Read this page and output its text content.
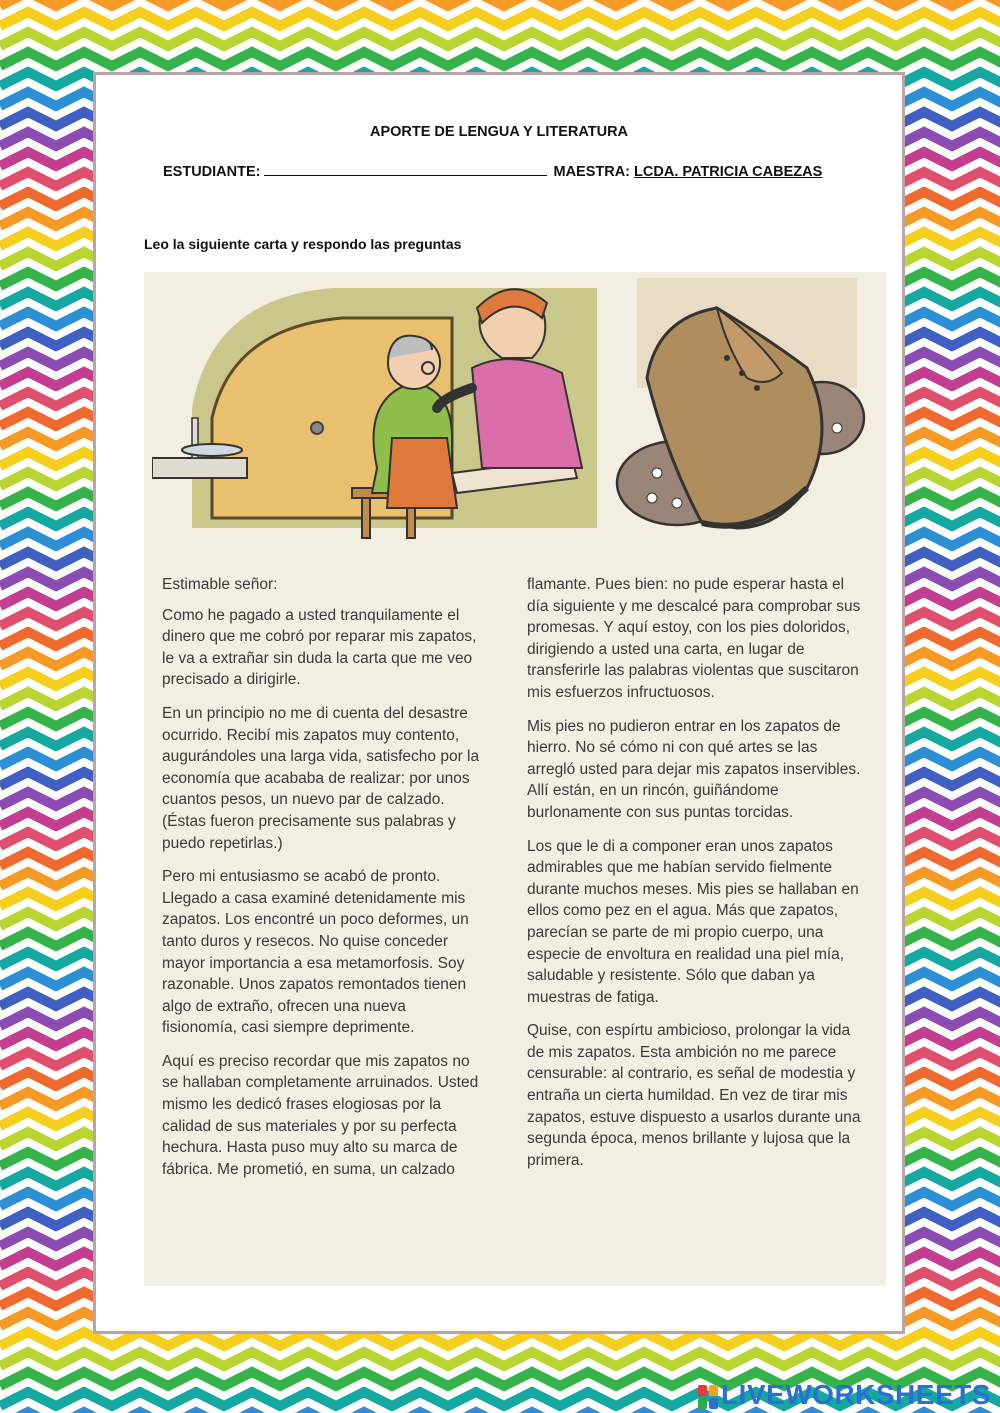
APORTE DE LENGUA Y LITERATURA
ESTUDIANTE:	MAESTRA: LCDA. PATRICIA CABEZAS
Leo la siguiente carta y respondo las preguntas

Estimable señor:

Como he pagado a usted tranquilamente el dinero que me cobró por reparar mis zapatos, le va a extrañar sin duda la carta que me veo precisado a dirigirle.

En un principio no me di cuenta del desastre ocurrido. Recibí mis zapatos muy contento, augurándoles una larga vida, satisfecho por la economía que acababa de realizar: por unos cuantos pesos, un nuevo par de calzado. (Éstas fueron precisamente sus palabras y puedo repetirlas.)

Pero mi entusiasmo se acabó de pronto. Llegado a casa examiné detenidamente mis zapatos. Los encontré un poco deformes, un tanto duros y resecos. No quise conceder mayor importancia a esa metamorfosis. Soy razonable. Unos zapatos remontados tienen algo de extraño, ofrecen una nueva fisionomía, casi siempre deprimente.

Aquí es preciso recordar que mis zapatos no se hallaban completamente arruinados. Usted mismo les dedicó frases elogiosas por la calidad de sus materiales y por su perfecta hechura. Hasta puso muy alto su marca de fábrica. Me prometió, en suma, un calzado

flamante. Pues bien: no pude esperar hasta el día siguiente y me descalcé para comprobar sus promesas. Y aquí estoy, con los pies doloridos, dirigiendo a usted una carta, en lugar de transferirle las palabras violentas que suscitaron mis esfuerzos infructuosos.

Mis pies no pudieron entrar en los zapatos de hierro. No sé cómo ni con qué artes se las arregló usted para dejar mis zapatos inservibles. Allí están, en un rincón, guiñándome burlonamente con sus puntas torcidas.

Los que le di a componer eran unos zapatos admirables que me habían servido fielmente durante muchos meses. Mis pies se hallaban en ellos como pez en el agua. Más que zapatos, parecían se parte de mi propio cuerpo, una especie de envoltura en realidad una piel mía, saludable y resistente. Sólo que daban ya muestras de fatiga.

Quise, con espírtu ambicioso, prolongar la vida de mis zapatos. Esta ambición no me parece censurable: al contrario, es señal de modestia y entraña un cierta humildad. En vez de tirar mis zapatos, estuve dispuesto a usarlos durante una segunda época, menos brillante y lujosa que la primera.

LIVEWORKSHEETS
